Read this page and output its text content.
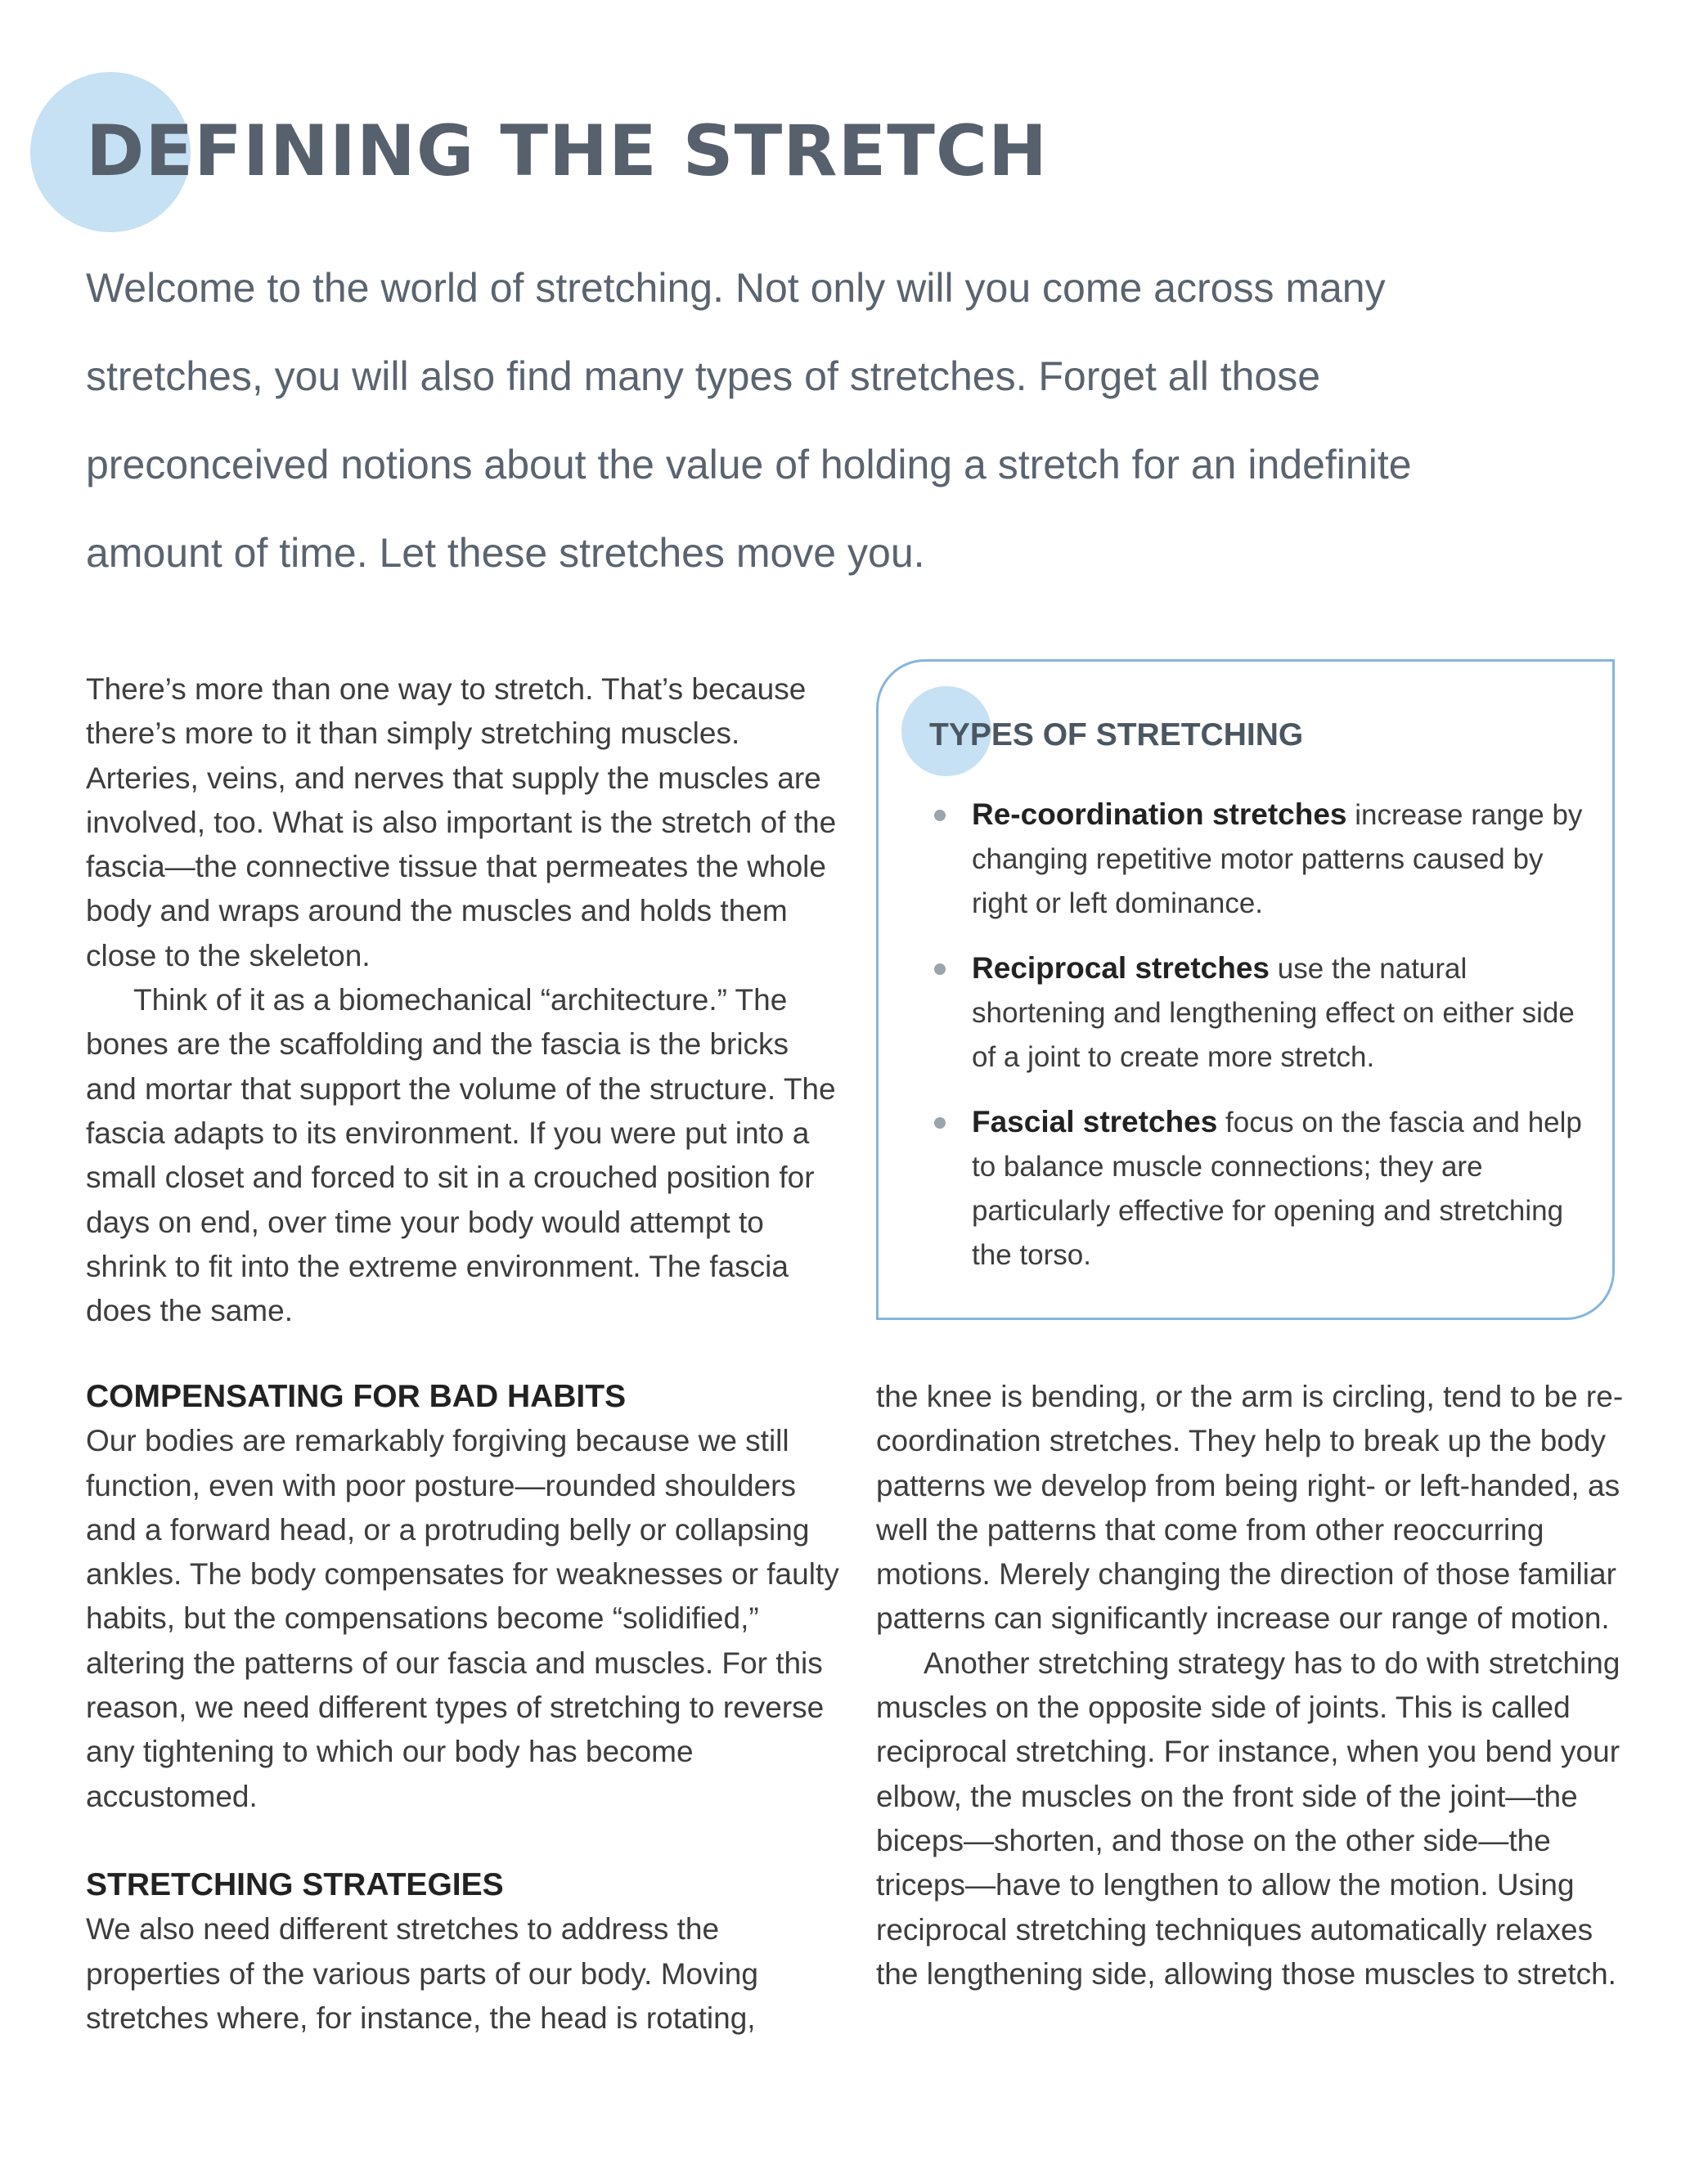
DEFINING THE STRETCH

Welcome to the world of stretching. Not only will you come across many stretches, you will also find many types of stretches. Forget all those preconceived notions about the value of holding a stretch for an indefinite amount of time. Let these stretches move you.

There’s more than one way to stretch. That’s because there’s more to it than simply stretching muscles. Arteries, veins, and nerves that supply the muscles are involved, too. What is also important is the stretch of the fascia—the connective tissue that permeates the whole body and wraps around the muscles and holds them close to the skeleton.

Think of it as a biomechanical “architecture.” The bones are the scaffolding and the fascia is the bricks and mortar that support the volume of the structure. The fascia adapts to its environment. If you were put into a small closet and forced to sit in a crouched position for days on end, over time your body would attempt to shrink to fit into the extreme environment. The fascia does the same.

TYPES OF STRETCHING
Re-coordination stretches increase range by changing repetitive motor patterns caused by right or left dominance.
Reciprocal stretches use the natural shortening and lengthening effect on either side of a joint to create more stretch.
Fascial stretches focus on the fascia and help to balance muscle connections; they are particularly effective for opening and stretching the torso.
COMPENSATING FOR BAD HABITS

Our bodies are remarkably forgiving because we still function, even with poor posture—rounded shoulders and a forward head, or a protruding belly or collapsing ankles. The body compensates for weaknesses or faulty habits, but the compensations become “solidified,” altering the patterns of our fascia and muscles. For this reason, we need different types of stretching to reverse any tightening to which our body has become accustomed.

STRETCHING STRATEGIES

We also need different stretches to address the properties of the various parts of our body. Moving stretches where, for instance, the head is rotating,

the knee is bending, or the arm is circling, tend to be re-coordination stretches. They help to break up the body patterns we develop from being right- or left-handed, as well the patterns that come from other reoccurring motions. Merely changing the direction of those familiar patterns can significantly increase our range of motion.

Another stretching strategy has to do with stretching muscles on the opposite side of joints. This is called reciprocal stretching. For instance, when you bend your elbow, the muscles on the front side of the joint—the biceps—shorten, and those on the other side—the triceps—have to lengthen to allow the motion. Using reciprocal stretching techniques automatically relaxes the lengthening side, allowing those muscles to stretch.
